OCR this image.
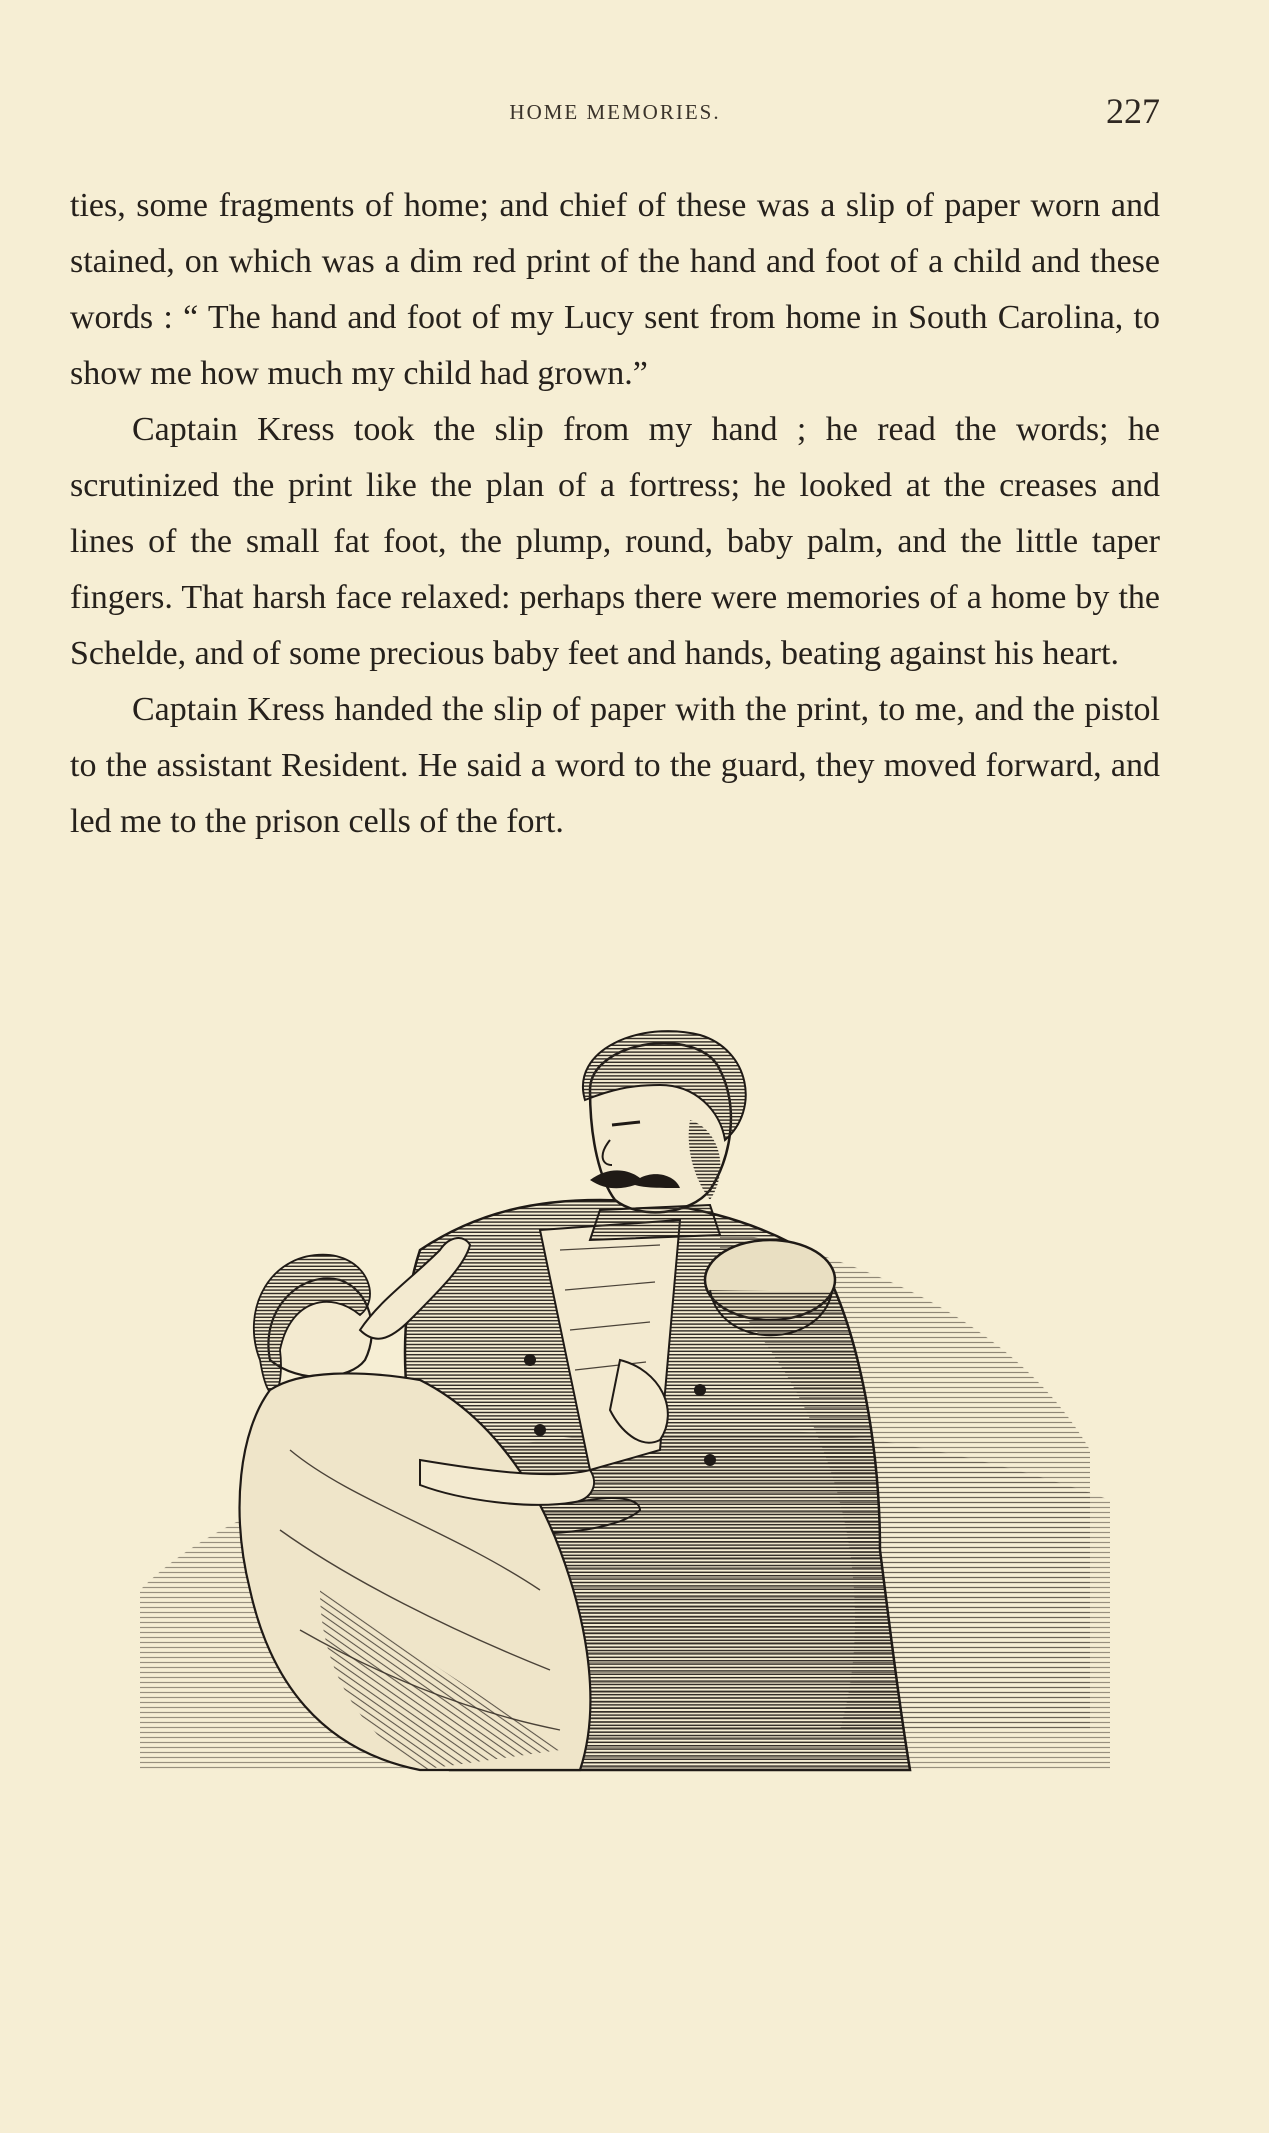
HOME MEMORIES.	227

ties, some fragments of home; and chief of these was a slip of paper worn and stained, on which was a dim red print of the hand and foot of a child and these words : “ The hand and foot of my Lucy sent from home in South Carolina, to show me how much my child had grown.”

Captain Kress took the slip from my hand ; he read the words; he scrutinized the print like the plan of a fortress; he looked at the creases and lines of the small fat foot, the plump, round, baby palm, and the little taper fingers. That harsh face relaxed: perhaps there were memories of a home by the Schelde, and of some precious baby feet and hands, beating against his heart.

Captain Kress handed the slip of paper with the print, to me, and the pistol to the assistant Resident. He said a word to the guard, they moved forward, and led me to the prison cells of the fort.
